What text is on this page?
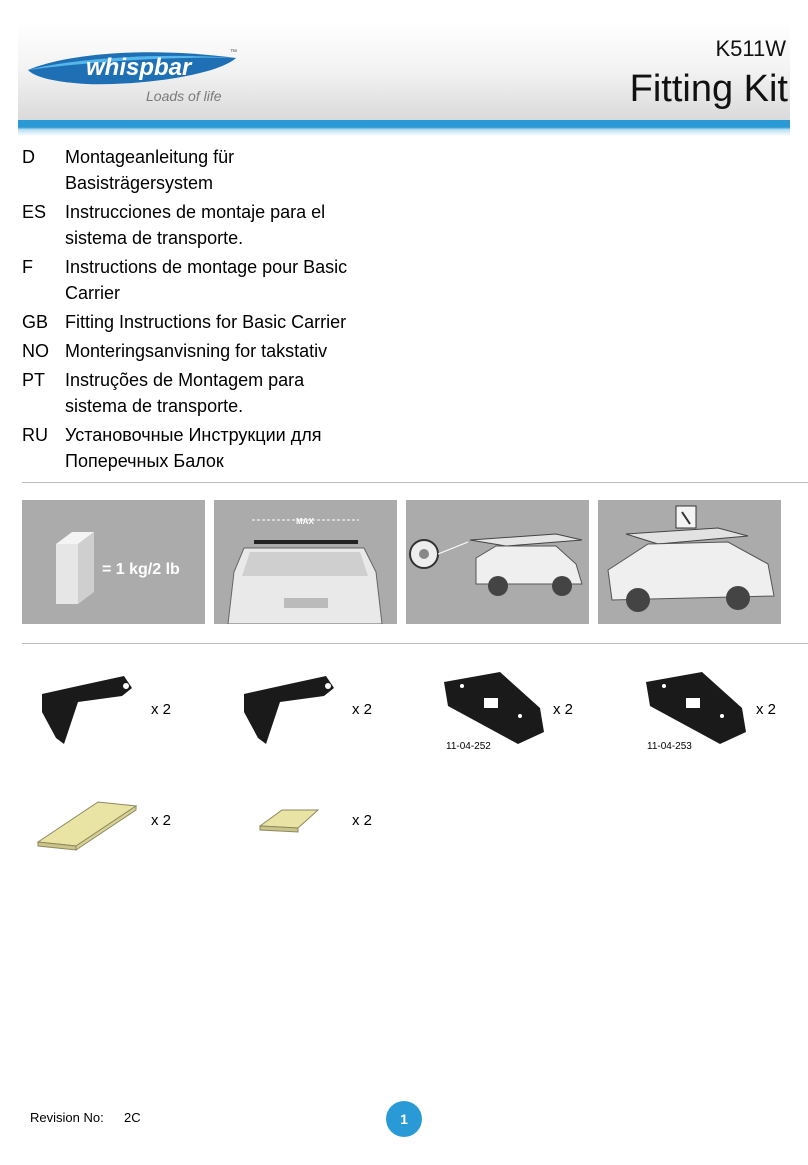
whispbar
™
Loads of life
K511W
Fitting Kit
D	Montageanleitung für
Basisträgersystem
ES	Instrucciones de montaje para el
sistema de transporte.
F	Instructions de montage pour Basic
Carrier
GB Fitting Instructions for Basic Carrier
NO Monteringsanvisning for takstativ
PT	Instruções de Montagem para
sistema de transporte.
RU Установочные Инструкции для
Поперечных Балок
= 1 kg/2 lb
MAX
x 2	x 2	x 2
11-04-252
x 2
11-04-253
x 2	x 2
Revision No: 2C	1
